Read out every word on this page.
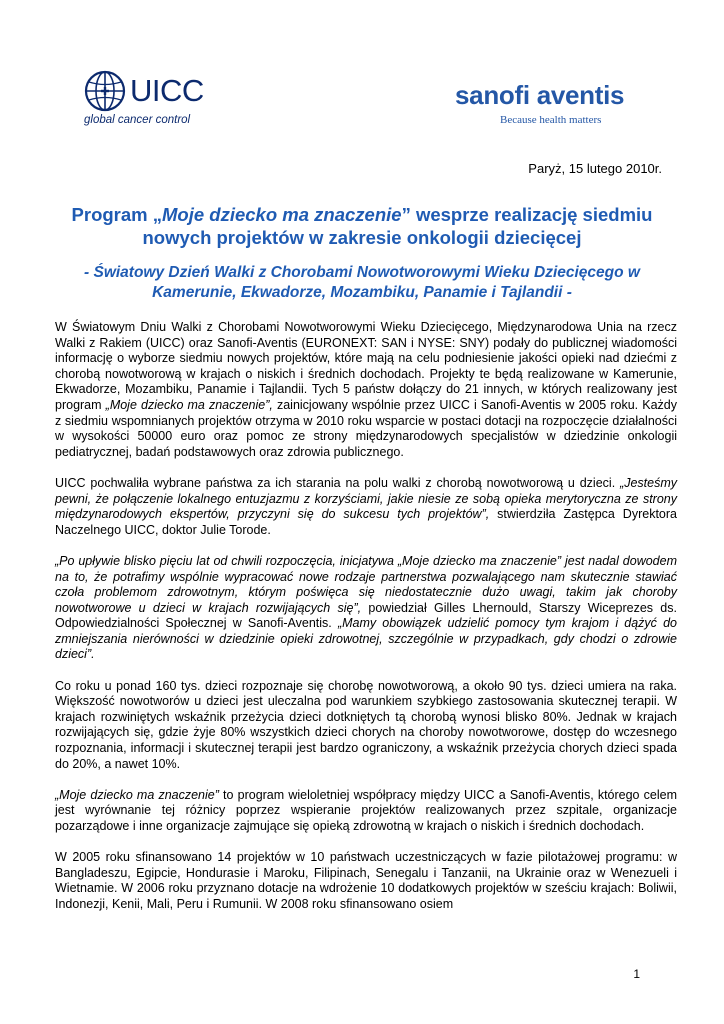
UICC
global cancer control
sanofi aventis
Because health matters
Paryż, 15 lutego 2010r.
Program „Moje dziecko ma znaczenie” wesprze realizację siedmiu nowych projektów w zakresie onkologii dziecięcej
- Światowy Dzień Walki z Chorobami Nowotworowymi Wieku Dziecięcego w Kamerunie, Ekwadorze, Mozambiku, Panamie i Tajlandii -

W Światowym Dniu Walki z Chorobami Nowotworowymi Wieku Dziecięcego, Międzynarodowa Unia na rzecz Walki z Rakiem (UICC) oraz Sanofi-Aventis (EURONEXT: SAN i NYSE: SNY) podały do publicznej wiadomości informację o wyborze siedmiu nowych projektów, które mają na celu podniesienie jakości opieki nad dziećmi z chorobą nowotworową w krajach o niskich i średnich dochodach. Projekty te będą realizowane w Kamerunie, Ekwadorze, Mozambiku, Panamie i Tajlandii. Tych 5 państw dołączy do 21 innych, w których realizowany jest program „Moje dziecko ma znaczenie”, zainicjowany wspólnie przez UICC i Sanofi-Aventis w 2005 roku. Każdy z siedmiu wspomnianych projektów otrzyma w 2010 roku wsparcie w postaci dotacji na rozpoczęcie działalności w wysokości 50000 euro oraz pomoc ze strony międzynarodowych specjalistów w dziedzinie onkologii pediatrycznej, badań podstawowych oraz zdrowia publicznego.

UICC pochwaliła wybrane państwa za ich starania na polu walki z chorobą nowotworową u dzieci. „Jesteśmy pewni, że połączenie lokalnego entuzjazmu z korzyściami, jakie niesie ze sobą opieka merytoryczna ze strony międzynarodowych ekspertów, przyczyni się do sukcesu tych projektów”, stwierdziła Zastępca Dyrektora Naczelnego UICC, doktor Julie Torode.

„Po upływie blisko pięciu lat od chwili rozpoczęcia, inicjatywa „Moje dziecko ma znaczenie” jest nadal dowodem na to, że potrafimy wspólnie wypracować nowe rodzaje partnerstwa pozwalającego nam skutecznie stawiać czoła problemom zdrowotnym, którym poświęca się niedostatecznie dużo uwagi, takim jak choroby nowotworowe u dzieci w krajach rozwijających się”, powiedział Gilles Lhernould, Starszy Wiceprezes ds. Odpowiedzialności Społecznej w Sanofi-Aventis. „Mamy obowiązek udzielić pomocy tym krajom i dążyć do zmniejszania nierówności w dziedzinie opieki zdrowotnej, szczególnie w przypadkach, gdy chodzi o zdrowie dzieci”.

Co roku u ponad 160 tys. dzieci rozpoznaje się chorobę nowotworową, a około 90 tys. dzieci umiera na raka. Większość nowotworów u dzieci jest uleczalna pod warunkiem szybkiego zastosowania skutecznej terapii. W krajach rozwiniętych wskaźnik przeżycia dzieci dotkniętych tą chorobą wynosi blisko 80%. Jednak w krajach rozwijających się, gdzie żyje 80% wszystkich dzieci chorych na choroby nowotworowe, dostęp do wczesnego rozpoznania, informacji i skutecznej terapii jest bardzo ograniczony, a wskaźnik przeżycia chorych dzieci spada do 20%, a nawet 10%.

„Moje dziecko ma znaczenie” to program wieloletniej współpracy między UICC a Sanofi-Aventis, którego celem jest wyrównanie tej różnicy poprzez wspieranie projektów realizowanych przez szpitale, organizacje pozarządowe i inne organizacje zajmujące się opieką zdrowotną w krajach o niskich i średnich dochodach.

W 2005 roku sfinansowano 14 projektów w 10 państwach uczestniczących w fazie pilotażowej programu: w Bangladeszu, Egipcie, Hondurasie i Maroku, Filipinach, Senegalu i Tanzanii, na Ukrainie oraz w Wenezueli i Wietnamie. W 2006 roku przyznano dotacje na wdrożenie 10 dodatkowych projektów w sześciu krajach: Boliwii, Indonezji, Kenii, Mali, Peru i Rumunii. W 2008 roku sfinansowano osiem

1
